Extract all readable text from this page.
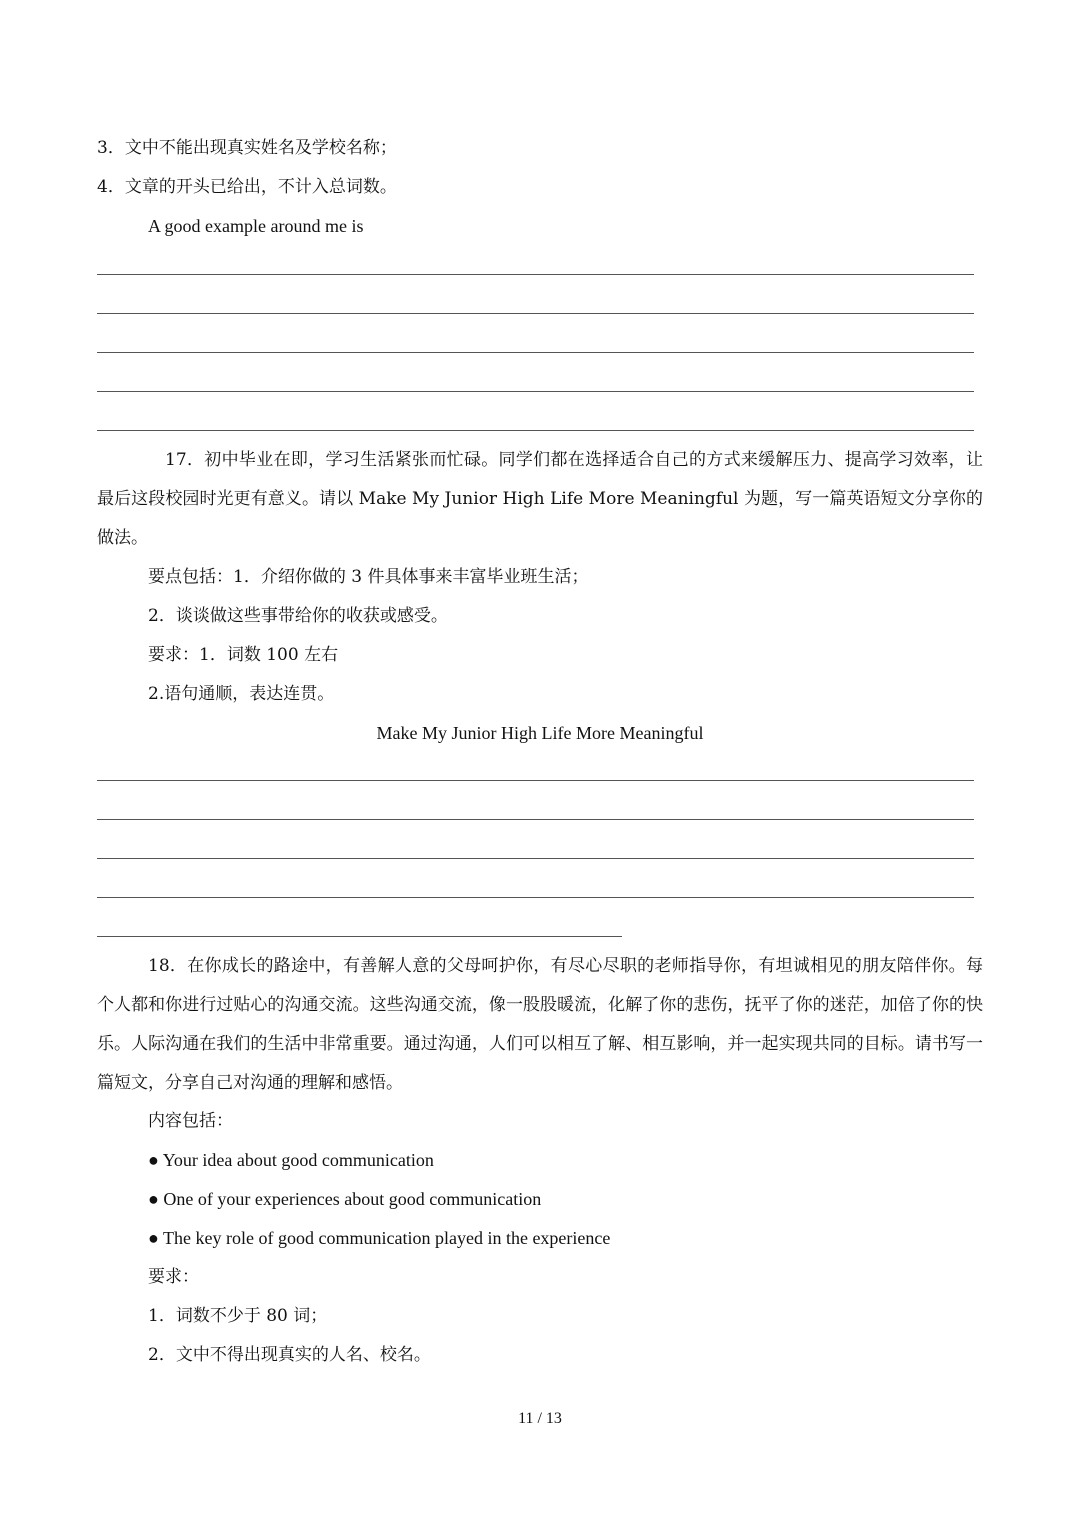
3．文中不能出现真实姓名及学校名称；
4．文章的开头已给出，不计入总词数。
A good example around me is
17．初中毕业在即，学习生活紧张而忙碌。同学们都在选择适合自己的方式来缓解压力、提高学习效率，让最后这段校园时光更有意义。请以 Make My Junior High Life More Meaningful 为题，写一篇英语短文分享你的做法。
要点包括：1．介绍你做的 3 件具体事来丰富毕业班生活；
2．谈谈做这些事带给你的收获或感受。
要求：1．词数 100 左右
2.语句通顺，表达连贯。
Make My Junior High Life More Meaningful
18．在你成长的路途中，有善解人意的父母呵护你，有尽心尽职的老师指导你，有坦诚相见的朋友陪伴你。每个人都和你进行过贴心的沟通交流。这些沟通交流，像一股股暖流，化解了你的悲伤，抚平了你的迷茫，加倍了你的快乐。人际沟通在我们的生活中非常重要。通过沟通，人们可以相互了解、相互影响，并一起实现共同的目标。请书写一篇短文，分享自己对沟通的理解和感悟。
内容包括：
● Your idea about good communication
● One of your experiences about good communication
● The key role of good communication played in the experience
要求：
1．词数不少于 80 词；
2．文中不得出现真实的人名、校名。
11 / 13
